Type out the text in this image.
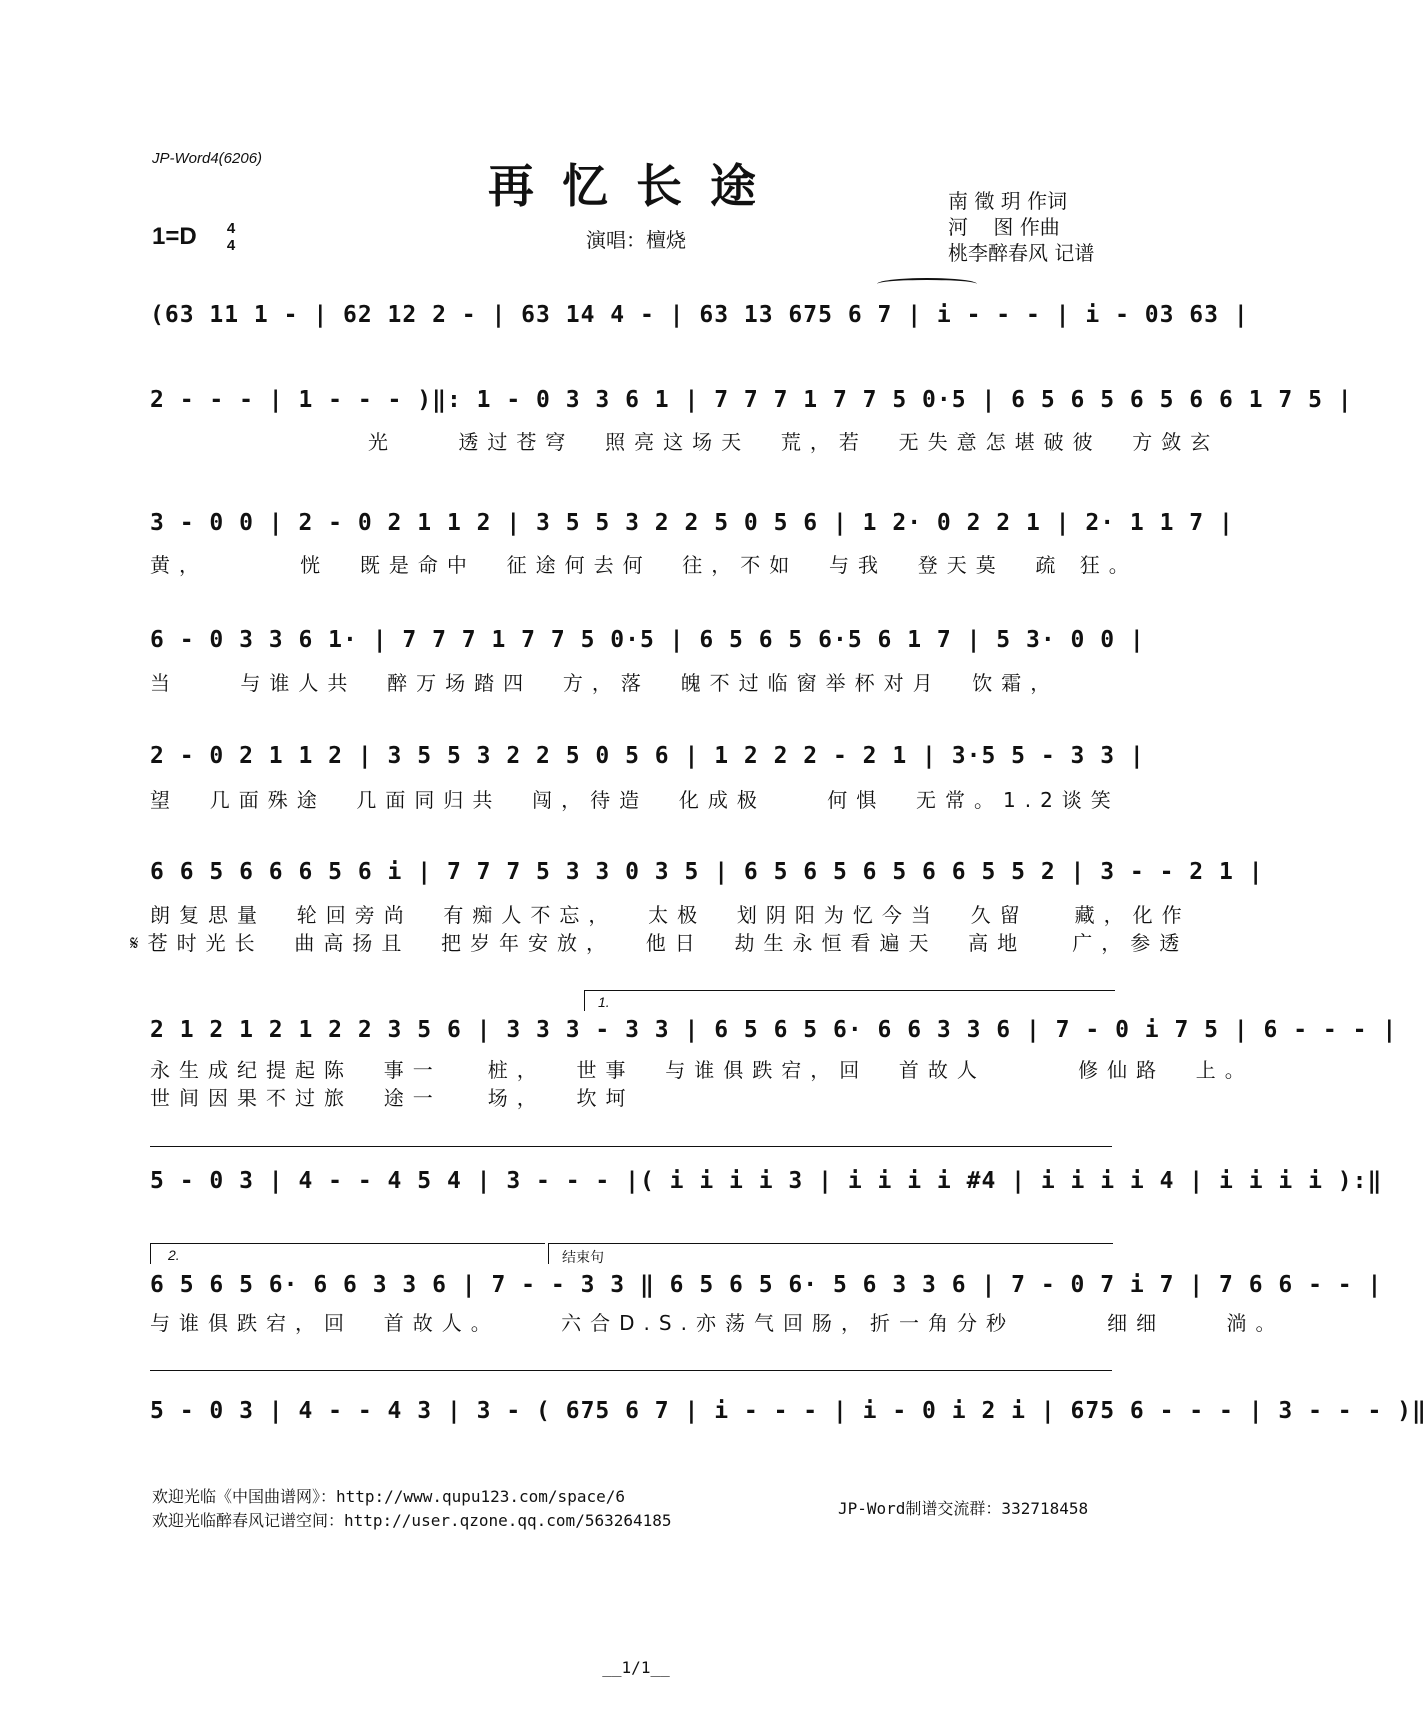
JP-Word4(6206)
再忆长途
1=D	4
4	演唱：檀烧
南 徵 玥 作词
河    图 作曲
桃李醉春风 记谱
(63 11 1 - | 62 12 2 - | 63 14 4 - | 63 13 675 6 7 | i - - - | i - 03 63 |
2 - - - | 1 - - - )‖: 1 - 0 3 3 6 1 | 7 7 7 1 7 7 5 0·5 | 6 5 6 5 6 5 6 6 1 7 5 |
光    透过苍穹  照亮这场天  荒，若  无失意怎堪破彼  方敛玄
3 - 0 0 | 2 - 0 2 1 1 2 | 3 5 5 3 2 2 5 0 5 6 | 1 2· 0 2 2 1 | 2· 1 1 7 |
黄，      恍  既是命中  征途何去何  往，不如  与我  登天莫  疏 狂。
6 - 0 3 3 6 1· | 7 7 7 1 7 7 5 0·5 | 6 5 6 5 6·5 6 1 7 | 5 3· 0 0 |
当    与谁人共  醉万场踏四  方，落  魄不过临窗举杯对月  饮霜，
2 - 0 2 1 1 2 | 3 5 5 3 2 2 5 0 5 6 | 1 2 2 2 - 2 1 | 3·5 5 - 3 3 |
望  几面殊途  几面同归共  闯，待造  化成极    何惧  无常。1.2谈笑
6 6 5 6 6 6 5 6 i | 7 7 7 5 3 3 0 3 5 | 6 5 6 5 6 5 6 6 5 5 2 | 3 - - 2 1 |
朗复思量  轮回旁尚  有痴人不忘，  太极  划阴阳为忆今当  久留   藏，化作
𝄋苍时光长  曲高扬且  把岁年安放，  他日  劫生永恒看遍天  高地   广，参透
1.
2 1 2 1 2 1 2 2 3 5 6 | 3 3 3 - 3 3 | 6 5 6 5 6· 6 6 3 3 6 | 7 - 0 i 7 5 | 6 - - - |
永生成纪提起陈  事一   桩，  世事  与谁俱跌宕，回  首故人      修仙路  上。
世间因果不过旅  途一   场，  坎坷
5 - 0 3 | 4 - - 4 5 4 | 3 - - - |( i i i i 3 | i i i i #4 | i i i i 4 | i i i i ):‖
2.	结束句
6 5 6 5 6· 6 6 3 3 6 | 7 - - 3 3 ‖ 6 5 6 5 6· 5 6 3 3 6 | 7 - 0 7 i 7 | 7 6 6 - - |
与谁俱跌宕，回  首故人。    六合D.S.亦荡气回肠，折一角分秒      细细    淌。
5 - 0 3 | 4 - - 4 3 | 3 - ( 675 6 7 | i - - - | i - 0 i 2 i | 675 6 - - - | 3 - - - )‖
欢迎光临《中国曲谱网》：http://www.qupu123.com/space/6
欢迎光临醉春风记谱空间：http://user.qzone.qq.com/563264185
JP-Word制谱交流群：332718458
__1/1__
